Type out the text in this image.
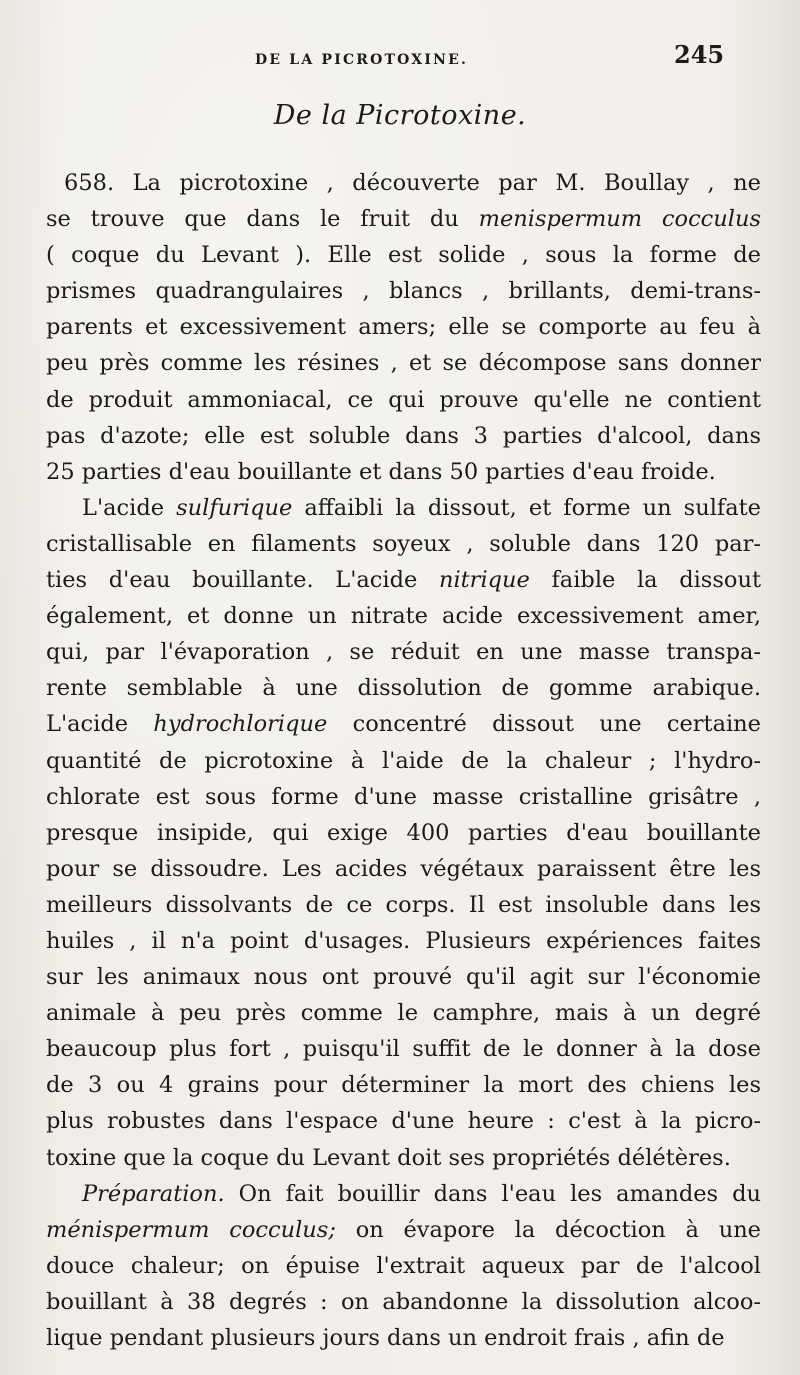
DE LA PICROTOXINE.	245
De la Picrotoxine.
658. La picrotoxine , découverte par M. Boullay , ne
se trouve que dans le fruit du menispermum cocculus
( coque du Levant ). Elle est solide , sous la forme de
prismes quadrangulaires , blancs , brillants, demi-trans-
parents et excessivement amers; elle se comporte au feu à
peu près comme les résines , et se décompose sans donner
de produit ammoniacal, ce qui prouve qu'elle ne contient
pas d'azote; elle est soluble dans 3 parties d'alcool, dans
25 parties d'eau bouillante et dans 50 parties d'eau froide.
L'acide sulfurique affaibli la dissout, et forme un sulfate
cristallisable en filaments soyeux , soluble dans 120 par-
ties d'eau bouillante. L'acide nitrique faible la dissout
également, et donne un nitrate acide excessivement amer,
qui, par l'évaporation , se réduit en une masse transpa-
rente semblable à une dissolution de gomme arabique.
L'acide hydrochlorique concentré dissout une certaine
quantité de picrotoxine à l'aide de la chaleur ; l'hydro-
chlorate est sous forme d'une masse cristalline grisâtre ,
presque insipide, qui exige 400 parties d'eau bouillante
pour se dissoudre. Les acides végétaux paraissent être les
meilleurs dissolvants de ce corps. Il est insoluble dans les
huiles , il n'a point d'usages. Plusieurs expériences faites
sur les animaux nous ont prouvé qu'il agit sur l'économie
animale à peu près comme le camphre, mais à un degré
beaucoup plus fort , puisqu'il suffit de le donner à la dose
de 3 ou 4 grains pour déterminer la mort des chiens les
plus robustes dans l'espace d'une heure : c'est à la picro-
toxine que la coque du Levant doit ses propriétés délétères.
Préparation. On fait bouillir dans l'eau les amandes du
ménispermum cocculus; on évapore la décoction à une
douce chaleur; on épuise l'extrait aqueux par de l'alcool
bouillant à 38 degrés : on abandonne la dissolution alcoo-
lique pendant plusieurs jours dans un endroit frais , afin de
